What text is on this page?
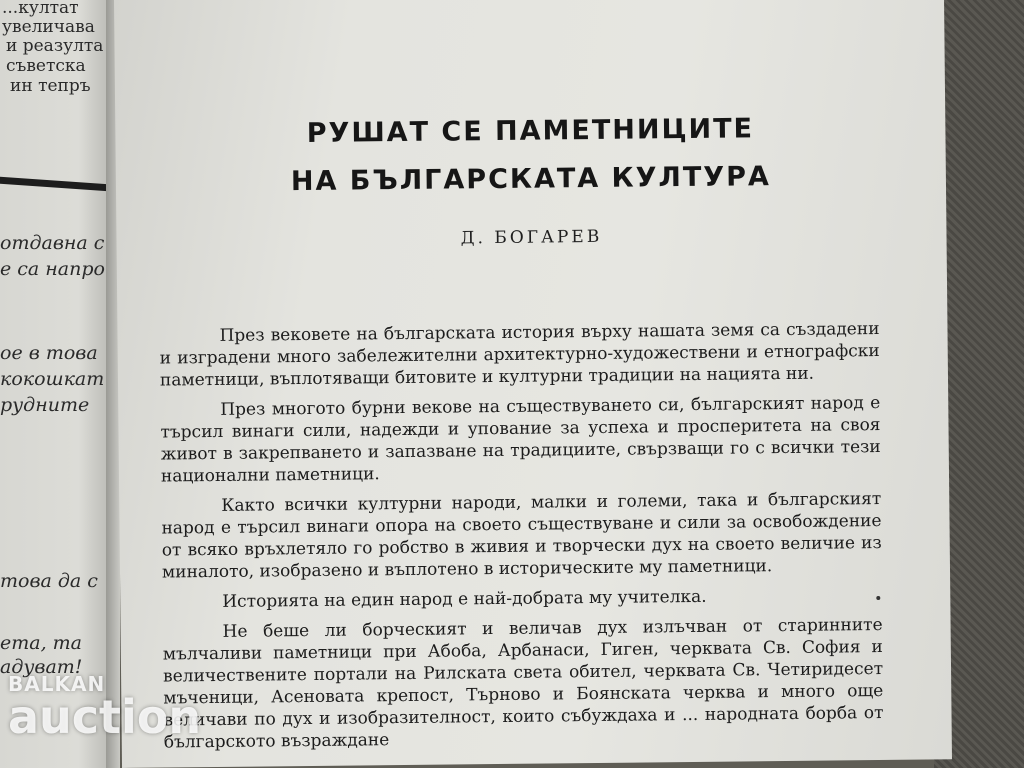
...култат
увеличава
и реазулта
съветска
ин тепръ
отдавна с
е са напро
ое в това
кокошкат
рудните
това да с
ета, та
адуват!
РУШАТ СЕ ПАМЕТНИЦИТЕ
НА БЪЛГАРСКАТА КУЛТУРА
Д. БОГАРЕВ

През вековете на българската история върху нашата земя са създадени и изградени много забележителни архитектурно-художествени и етнографски паметници, въплотяващи битовите и културни традиции на нацията ни.

През многото бурни векове на съществуването си, българският народ е търсил винаги сили, надежди и упование за успеха и просперитета на своя живот в закрепването и запазване на традициите, свързващи го с всички тези национални паметници.

Както всички културни народи, малки и големи, така и българският народ е търсил винаги опора на своето съществуване и сили за освобождение от всяко връхлетяло го робство в живия и творчески дух на своето величие из миналото, изобразено и въплотено в историческите му паметници.

Историята на един народ е най-добрата му учителка.

Не беше ли борческият и величав дух излъчван от старинните мълчаливи паметници при Абоба, Арбанаси, Гиген, черквата Св. София и величествените портали на Рилската света обител, черквата Св. Четиридесет мъченици, Асеновата крепост, Търново и Боянската черква и много още величави по дух и изобразителност, които събуждаха и ... народната борба от българското възраждане

BALKAN
auction
